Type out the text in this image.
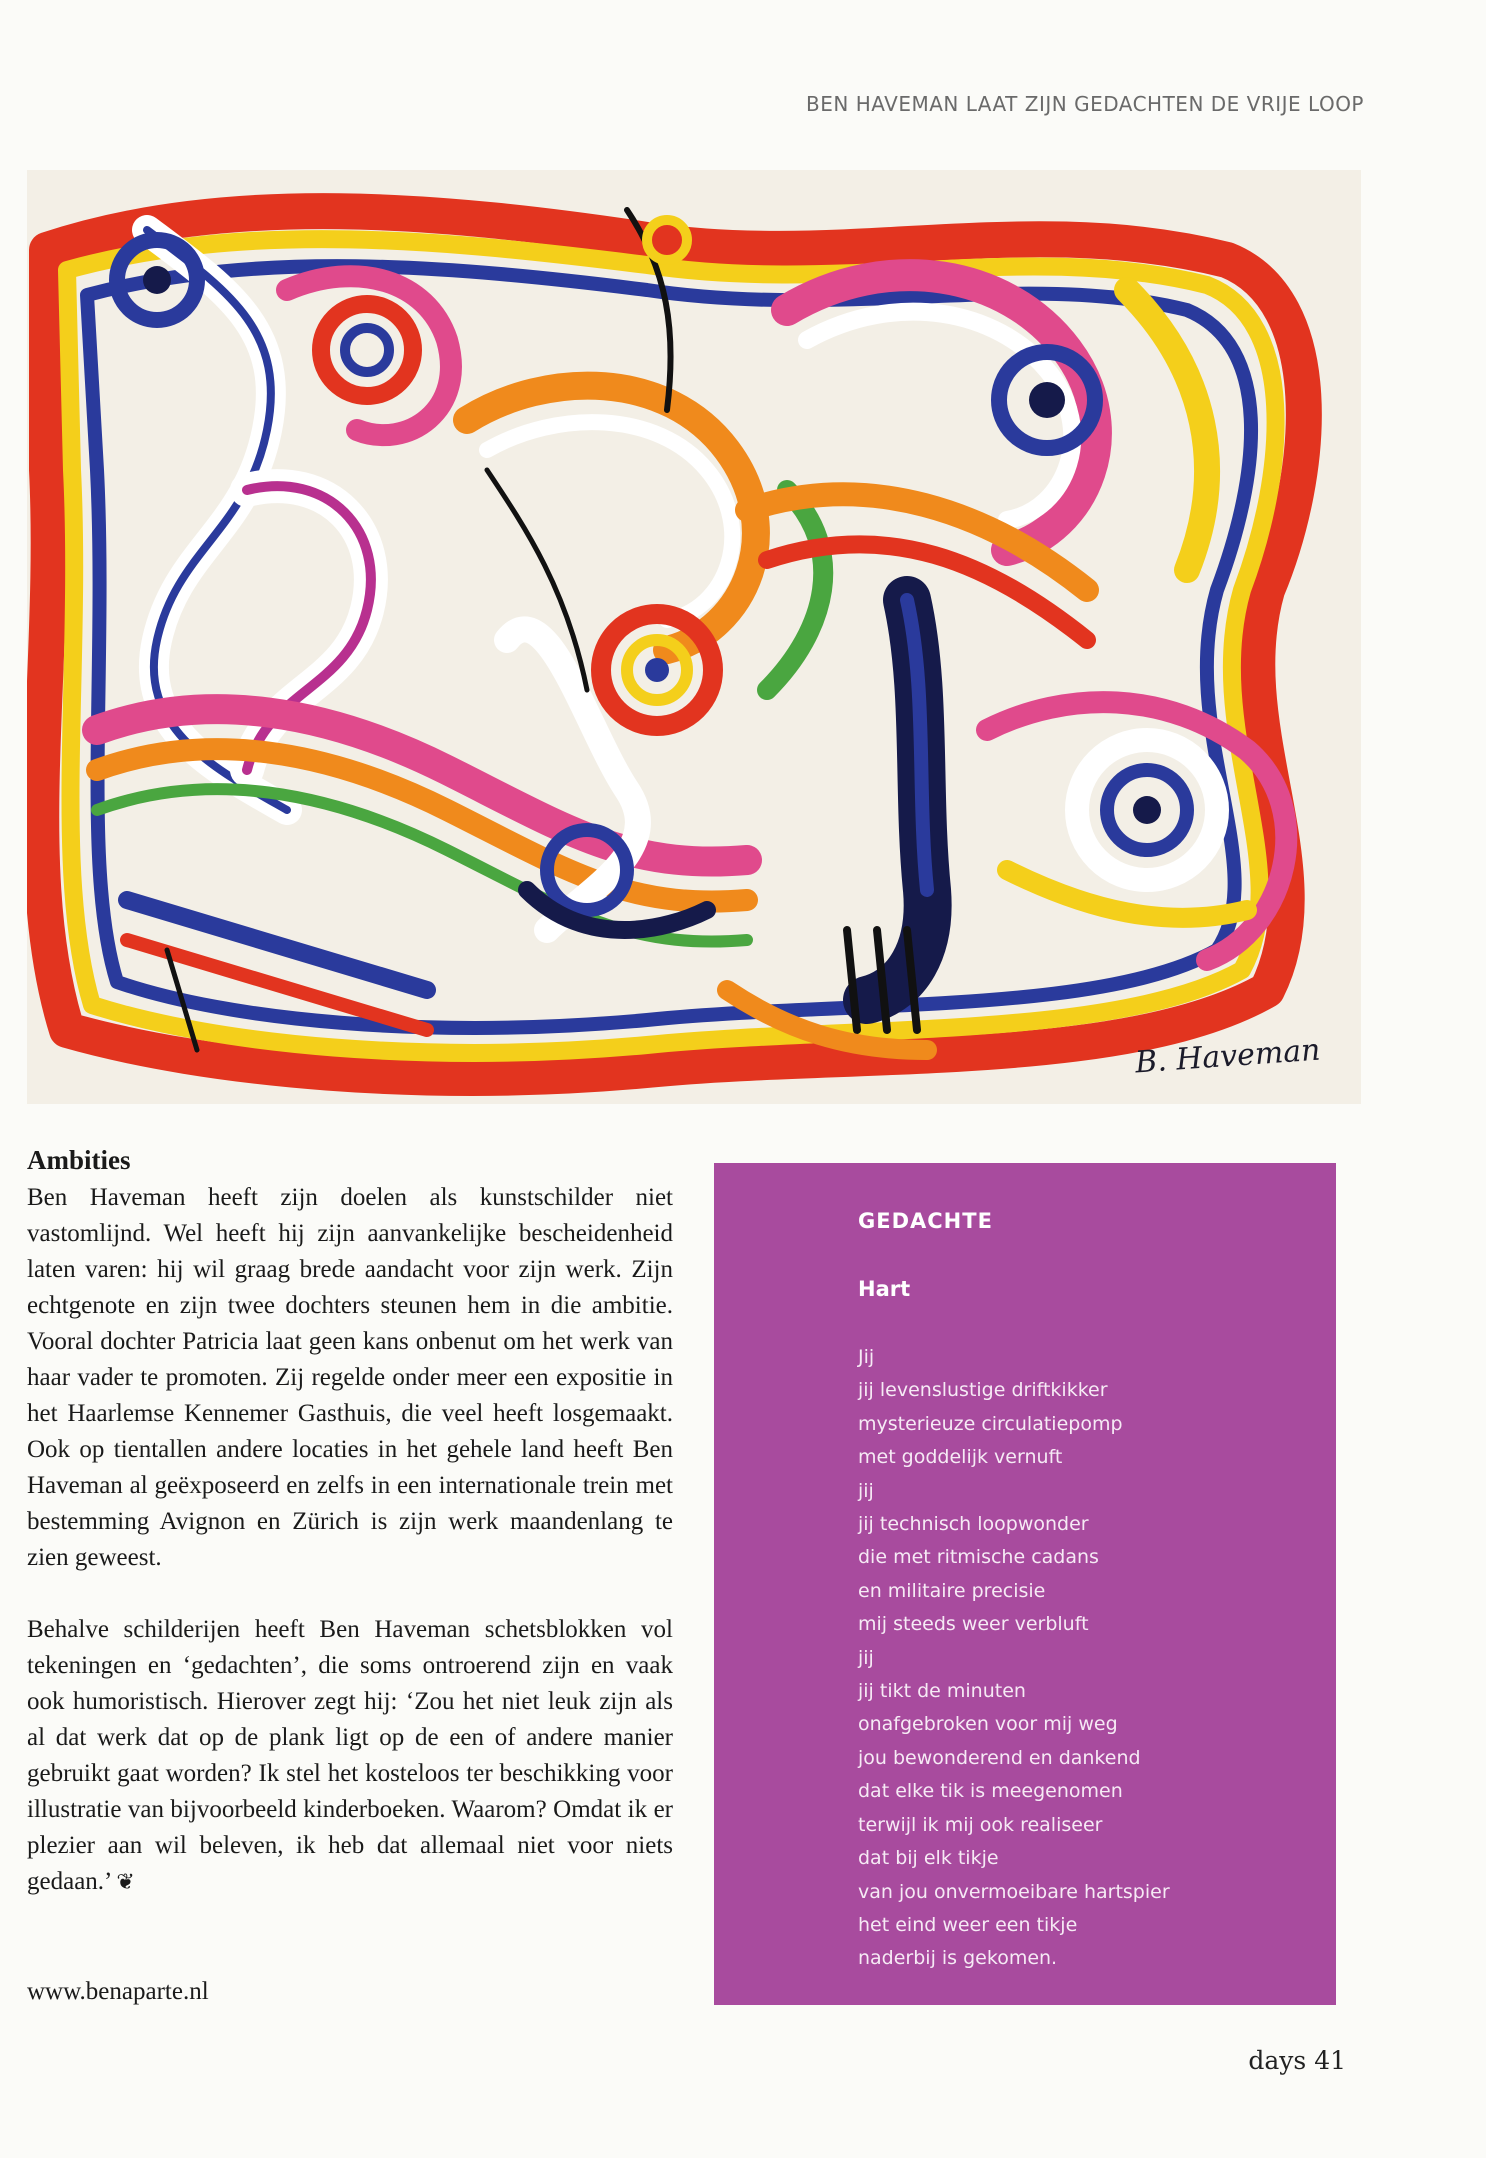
BEN HAVEMAN LAAT ZIJN GEDACHTEN DE VRIJE LOOP
B. Haveman
Ambities

Ben Haveman heeft zijn doelen als kunstschilder niet vastomlijnd. Wel heeft hij zijn aanvankelijke bescheidenheid laten varen: hij wil graag brede aandacht voor zijn werk. Zijn echtgenote en zijn twee dochters steunen hem in die ambitie. Vooral dochter Patricia laat geen kans onbenut om het werk van haar vader te promoten. Zij regelde onder meer een expositie in het Haarlemse Kennemer Gasthuis, die veel heeft losgemaakt. Ook op tientallen andere locaties in het gehele land heeft Ben Haveman al geëxposeerd en zelfs in een internationale trein met bestemming Avignon en Zürich is zijn werk maandenlang te zien geweest.

Behalve schilderijen heeft Ben Haveman schetsblokken vol tekeningen en ‘gedachten’, die soms ontroerend zijn en vaak ook humoristisch. Hierover zegt hij: ‘Zou het niet leuk zijn als al dat werk dat op de plank ligt op de een of andere manier gebruikt gaat worden? Ik stel het kosteloos ter beschikking voor illustratie van bijvoorbeeld kinderboeken. Waarom? Omdat ik er plezier aan wil beleven, ik heb dat allemaal niet voor niets gedaan.’ ❦

www.benaparte.nl
GEDACHTE
Hart
Jij
jij levenslustige driftkikker
mysterieuze circulatiepomp
met goddelijk vernuft
jij
jij technisch loopwonder
die met ritmische cadans
en militaire precisie
mij steeds weer verbluft
jij
jij tikt de minuten
onafgebroken voor mij weg
jou bewonderend en dankend
dat elke tik is meegenomen
terwijl ik mij ook realiseer
dat bij elk tikje
van jou onvermoeibare hartspier
het eind weer een tikje
naderbij is gekomen.
days 41
